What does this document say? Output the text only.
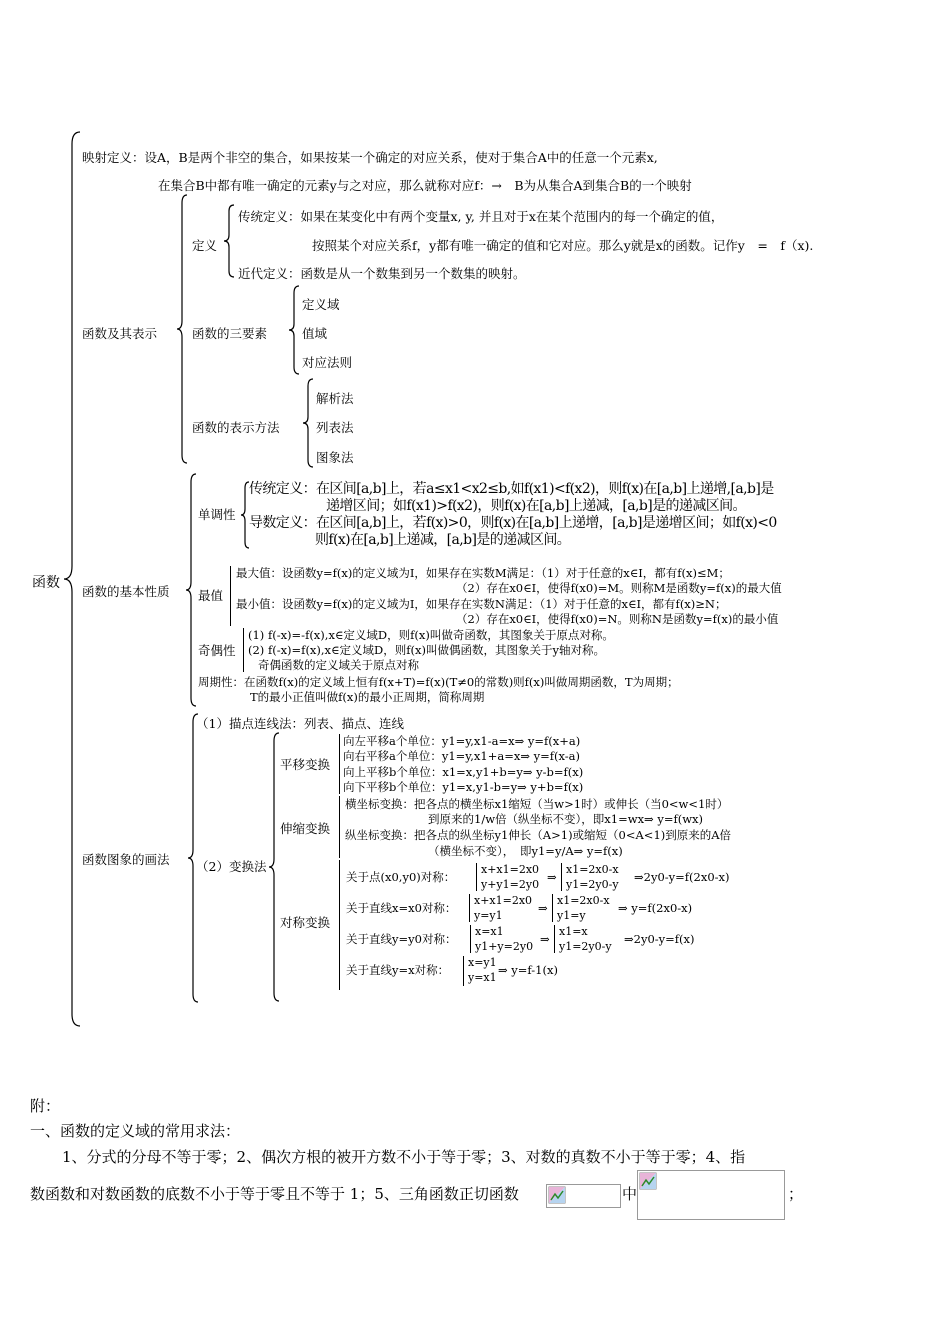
函数
映射定义：设A，B是两个非空的集合，如果按某一个确定的对应关系，使对于集合A中的任意一个元素x,
在集合B中都有唯一确定的元素y与之对应，那么就称对应f：→　B为从集合A到集合B的一个映射
函数及其表示
定义
传统定义：如果在某变化中有两个变量x, y, 并且对于x在某个范围内的每一个确定的值，
按照某个对应关系f，y都有唯一确定的值和它对应。那么y就是x的函数。记作y　=　f（x).
近代定义：函数是从一个数集到另一个数集的映射。
函数的三要素
定义域
值域
对应法则
函数的表示方法
解析法
列表法
图象法
函数的基本性质
单调性
传统定义：在区间[a,b]上，若a≤x1<x2≤b,如f(x1)<f(x2)，则f(x)在[a,b]上递增,[a,b]是
递增区间；如f(x1)>f(x2)，则f(x)在[a,b]上递减，[a,b]是的递减区间。
导数定义：在区间[a,b]上，若f(x)>0，则f(x)在[a,b]上递增，[a,b]是递增区间；如f(x)<0
则f(x)在[a,b]上递减，[a,b]是的递减区间。
最值
最大值：设函数y=f(x)的定义域为I，如果存在实数M满足：（1）对于任意的x∈I，都有f(x)≤M；
（2）存在x0∈I，使得f(x0)=M。则称M是函数y=f(x)的最大值
最小值：设函数y=f(x)的定义域为I，如果存在实数N满足：（1）对于任意的x∈I，都有f(x)≥N；
（2）存在x0∈I，使得f(x0)=N。则称N是函数y=f(x)的最小值
奇偶性
(1) f(-x)=-f(x),x∈定义域D，则f(x)叫做奇函数，其图象关于原点对称。
(2) f(-x)=f(x),x∈定义域D，则f(x)叫做偶函数，其图象关于y轴对称。
奇偶函数的定义域关于原点对称
周期性：在函数f(x)的定义域上恒有f(x+T)=f(x)(T≠0的常数)则f(x)叫做周期函数，T为周期；
T的最小正值叫做f(x)的最小正周期，简称周期
函数图象的画法
（1）描点连线法：列表、描点、连线
（2）变换法
平移变换
向左平移a个单位：y1=y,x1-a=x⇒ y=f(x+a)
向右平移a个单位：y1=y,x1+a=x⇒ y=f(x-a)
向上平移b个单位：x1=x,y1+b=y⇒ y-b=f(x)
向下平移b个单位：y1=x,y1-b=y⇒ y+b=f(x)
伸缩变换
横坐标变换：把各点的横坐标x1缩短（当w>1时）或伸长（当0<w<1时）
到原来的1/w倍（纵坐标不变），即x1=wx⇒ y=f(wx)
纵坐标变换：把各点的纵坐标y1伸长（A>1)或缩短（0<A<1)到原来的A倍
（横坐标不变），　即y1=y/A⇒ y=f(x)
对称变换
关于点(x0,y0)对称：
x+x1=2x0
y+y1=2y0
⇒
x1=2x0-x
y1=2y0-y
⇒2y0-y=f(2x0-x)
关于直线x=x0对称：
x+x1=2x0
y=y1
⇒
x1=2x0-x
y1=y
⇒ y=f(2x0-x)
关于直线y=y0对称：
x=x1
y1+y=2y0
⇒
x1=x
y1=2y0-y
⇒2y0-y=f(x)
关于直线y=x对称：
x=y1
y=x1
⇒ y=f-1(x)
附：
一、函数的定义域的常用求法：
1、分式的分母不等于零；2、偶次方根的被开方数不小于等于零；3、对数的真数不小于等于零；4、指
数函数和对数函数的底数不小于等于零且不等于 1；5、三角函数正切函数	中	；
